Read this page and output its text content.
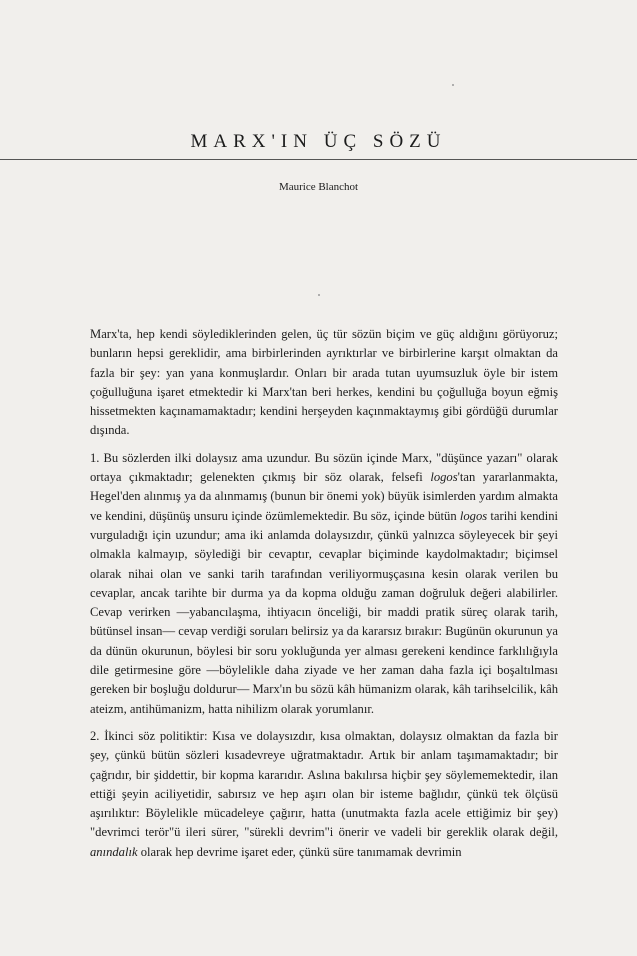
MARX'IN ÜÇ SÖZÜ
Maurice Blanchot

Marx'ta, hep kendi söylediklerinden gelen, üç tür sözün biçim ve güç aldığını görüyoruz; bunların hepsi gereklidir, ama birbirlerinden ayrıktırlar ve birbirlerine karşıt olmaktan da fazla bir şey: yan yana konmuşlardır. Onları bir arada tutan uyumsuzluk öyle bir istem çoğulluğuna işaret etmektedir ki Marx'tan beri herkes, kendini bu çoğulluğa boyun eğmiş hissetmekten kaçınamamaktadır; kendini herşeyden kaçınmaktaymış gibi gördüğü durumlar dışında.

1. Bu sözlerden ilki dolaysız ama uzundur. Bu sözün içinde Marx, "düşünce yazarı" olarak ortaya çıkmaktadır; gelenekten çıkmış bir söz olarak, felsefi logos'tan yararlanmakta, Hegel'den alınmış ya da alınmamış (bunun bir önemi yok) büyük isimlerden yardım almakta ve kendini, düşünüş unsuru içinde özümlemektedir. Bu söz, içinde bütün logos tarihi kendini vurguladığı için uzundur; ama iki anlamda dolaysızdır, çünkü yalnızca söyleyecek bir şeyi olmakla kalmayıp, söylediği bir cevaptır, cevaplar biçiminde kaydolmaktadır; biçimsel olarak nihai olan ve sanki tarih tarafından veriliyormuşçasına kesin olarak verilen bu cevaplar, ancak tarihte bir durma ya da kopma olduğu zaman doğruluk değeri alabilirler. Cevap verirken —yabancılaşma, ihtiyacın önceliği, bir maddi pratik süreç olarak tarih, bütünsel insan— cevap verdiği soruları belirsiz ya da kararsız bırakır: Bugünün okurunun ya da dünün okurunun, böylesi bir soru yokluğunda yer alması gerekeni kendince farklılığıyla dile getirmesine göre —böylelikle daha ziyade ve her zaman daha fazla içi boşaltılması gereken bir boşluğu doldurur— Marx'ın bu sözü kâh hümanizm olarak, kâh tarihselcilik, kâh ateizm, antihümanizm, hatta nihilizm olarak yorumlanır.

2. İkinci söz politiktir: Kısa ve dolaysızdır, kısa olmaktan, dolaysız olmaktan da fazla bir şey, çünkü bütün sözleri kısadevreye uğratmaktadır. Artık bir anlam taşımamaktadır; bir çağrıdır, bir şiddettir, bir kopma kararıdır. Aslına bakılırsa hiçbir şey söylememektedir, ilan ettiği şeyin aciliyetidir, sabırsız ve hep aşırı olan bir isteme bağlıdır, çünkü tek ölçüsü aşırılıktır: Böylelikle mücadeleye çağırır, hatta (unutmakta fazla acele ettiğimiz bir şey) "devrimci terör"ü ileri sürer, "sürekli devrim"i önerir ve vadeli bir gereklik olarak değil, anındalık olarak hep devrime işaret eder, çünkü süre tanımamak devrimin
